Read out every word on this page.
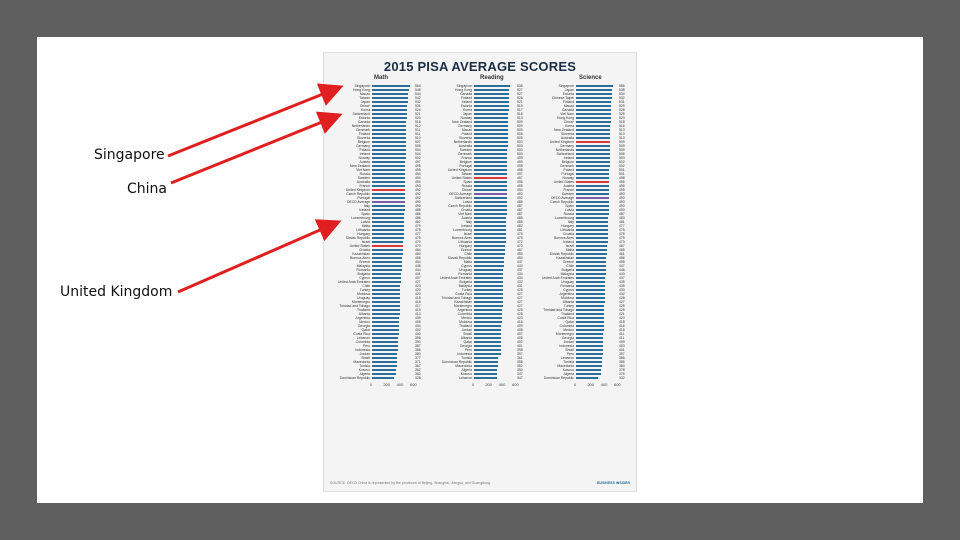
Singapore
China
United Kingdom
2015 PISA AVERAGE SCORES
Math	Reading	Science
Singapore	564
Hong Kong	548
Macao	544
Taiwan	542
Japan	532
China*	531
Korea	524
Switzerland	521
Estonia	520
Canada	516
Netherlands	512
Denmark	511
Finland	511
Slovenia	510
Belgium	507
Germany	506
Poland	504
Ireland	504
Norway	502
Austria	497
New Zealand	495
Viet Nam	495
Russia	494
Sweden	494
Australia	494
France	493
United Kingdom	492
Czech Republic	492
Portugal	492
OECD Average	490
Italy	490
Iceland	488
Spain	486
Luxembourg	486
Latvia	482
Malta	479
Lithuania	478
Hungary	477
Slovak Republic	475
Israel	470
United States	470
Croatia	464
Kazakhstan	460
Buenos Aires	456
Greece	454
Malaysia	446
Romania	444
Bulgaria	441
Cyprus	437
United Arab Emirates	427
Chile	423
Turkey	420
Moldova	420
Uruguay	418
Montenegro	418
Trinidad and Tobago	417
Thailand	415
Albania	413
Argentina	409
Mexico	408
Georgia	404
Qatar	402
Costa Rica	400
Lebanon	396
Colombia	390
Peru	387
Indonesia	386
Jordan	380
Brazil	377
Macedonia	371
Tunisia	367
Kosovo	362
Algeria	360
Dominican Republic	328
Singapore	535
Hong Kong	527
Canada	527
Finland	526
Ireland	521
Estonia	519
Korea	517
Japan	516
Norway	513
New Zealand	509
Germany	509
Macao	509
Poland	506
Slovenia	505
Netherlands	503
Australia	503
Sweden	500
Denmark	500
France	499
Belgium	499
Portugal	498
United Kingdom	498
Taiwan	497
United States	497
Spain	496
Russia	495
China*	494
OECD Average	493
Switzerland	492
Latvia	488
Czech Republic	487
Croatia	487
Viet Nam	487
Austria	485
Italy	485
Iceland	482
Luxembourg	481
Israel	479
Buenos Aires	475
Lithuania	472
Hungary	470
Greece	467
Chile	459
Slovak Republic	453
Malta	447
Cyprus	443
Uruguay	437
Romania	434
United Arab Emirates	434
Bulgaria	432
Malaysia	431
Turkey	428
Costa Rica	427
Trinidad and Tobago	427
Kazakhstan	427
Montenegro	427
Argentina	425
Colombia	425
Mexico	423
Moldova	416
Thailand	409
Jordan	408
Brazil	407
Albania	405
Qatar	402
Georgia	401
Peru	398
Indonesia	397
Tunisia	361
Dominican Republic	358
Macedonia	352
Algeria	350
Kosovo	347
Lebanon	347
Singapore	556
Japan	538
Estonia	534
Chinese Taipei	532
Finland	531
Macao	529
Canada	528
Viet Nam	525
Hong Kong	523
China*	518
Korea	516
New Zealand	513
Slovenia	513
Australia	510
United Kingdom	509
Germany	509
Netherlands	509
Switzerland	506
Ireland	503
Belgium	502
Denmark	502
Poland	501
Portugal	501
Norway	498
United States	496
Austria	495
France	495
Sweden	493
OECD Average	493
Czech Republic	493
Spain	493
Latvia	490
Russia	487
Luxembourg	483
Italy	481
Hungary	477
Lithuania	475
Croatia	475
Buenos Aires	475
Iceland	473
Israel	467
Malta	465
Slovak Republic	461
Kazakhstan	456
Greece	455
Chile	447
Bulgaria	446
Malaysia	443
United Arab Emirates	437
Uruguay	435
Romania	435
Cyprus	433
Argentina	432
Moldova	428
Albania	427
Turkey	425
Trinidad and Tobago	425
Thailand	421
Costa Rica	420
Qatar	418
Colombia	416
Mexico	416
Montenegro	411
Georgia	411
Jordan	409
Indonesia	403
Brazil	401
Peru	397
Lebanon	386
Tunisia	386
Macedonia	384
Kosovo	378
Algeria	376
Dominican Republic	332
SOURCE: OECD China is represented by the provinces of Beijing, Shanghai, Jiangsu, and Guangdong.	BUSINESS INSIDER
0	200 400 600	0	200 400 600	0	200 400 600
